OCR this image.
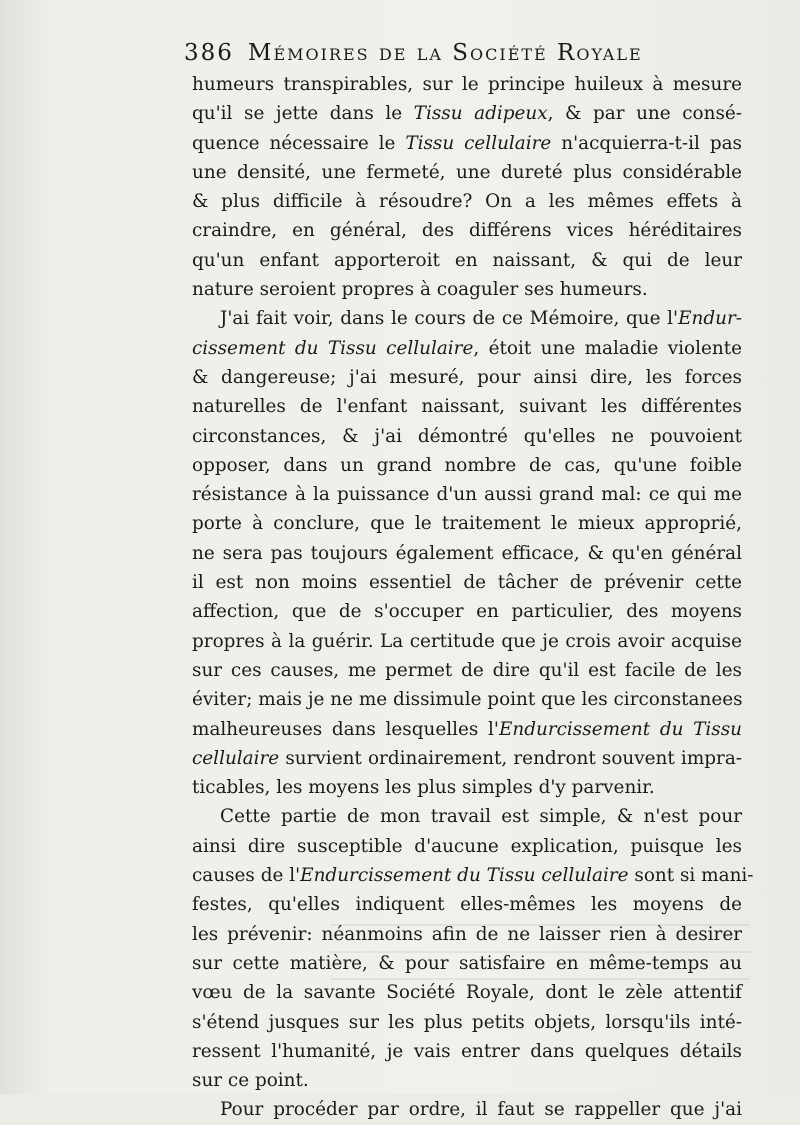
386 Mémoires de la Société Royale
humeurs transpirables, sur le principe huileux à mesure
qu'il se jette dans le Tissu adipeux, & par une consé-
quence nécessaire le Tissu cellulaire n'acquierra-t-il pas
une densité, une fermeté, une dureté plus considérable
& plus difficile à résoudre? On a les mêmes effets à
craindre, en général, des différens vices héréditaires
qu'un enfant apporteroit en naissant, & qui de leur
nature seroient propres à coaguler ses humeurs.
J'ai fait voir, dans le cours de ce Mémoire, que l'Endur-
cissement du Tissu cellulaire, étoit une maladie violente
& dangereuse; j'ai mesuré, pour ainsi dire, les forces
naturelles de l'enfant naissant, suivant les différentes
circonstances, & j'ai démontré qu'elles ne pouvoient
opposer, dans un grand nombre de cas, qu'une foible
résistance à la puissance d'un aussi grand mal: ce qui me
porte à conclure, que le traitement le mieux approprié,
ne sera pas toujours également efficace, & qu'en général
il est non moins essentiel de tâcher de prévenir cette
affection, que de s'occuper en particulier, des moyens
propres à la guérir. La certitude que je crois avoir acquise
sur ces causes, me permet de dire qu'il est facile de les
éviter; mais je ne me dissimule point que les circonstanees
malheureuses dans lesquelles l'Endurcissement du Tissu
cellulaire survient ordinairement, rendront souvent impra-
ticables, les moyens les plus simples d'y parvenir.
Cette partie de mon travail est simple, & n'est pour
ainsi dire susceptible d'aucune explication, puisque les
causes de l'Endurcissement du Tissu cellulaire sont si mani-
festes, qu'elles indiquent elles-mêmes les moyens de
les prévenir: néanmoins afin de ne laisser rien à desirer
sur cette matière, & pour satisfaire en même-temps au
vœu de la savante Société Royale, dont le zèle attentif
s'étend jusques sur les plus petits objets, lorsqu'ils inté-
ressent l'humanité, je vais entrer dans quelques détails
sur ce point.
Pour procéder par ordre, il faut se rappeller que j'ai
